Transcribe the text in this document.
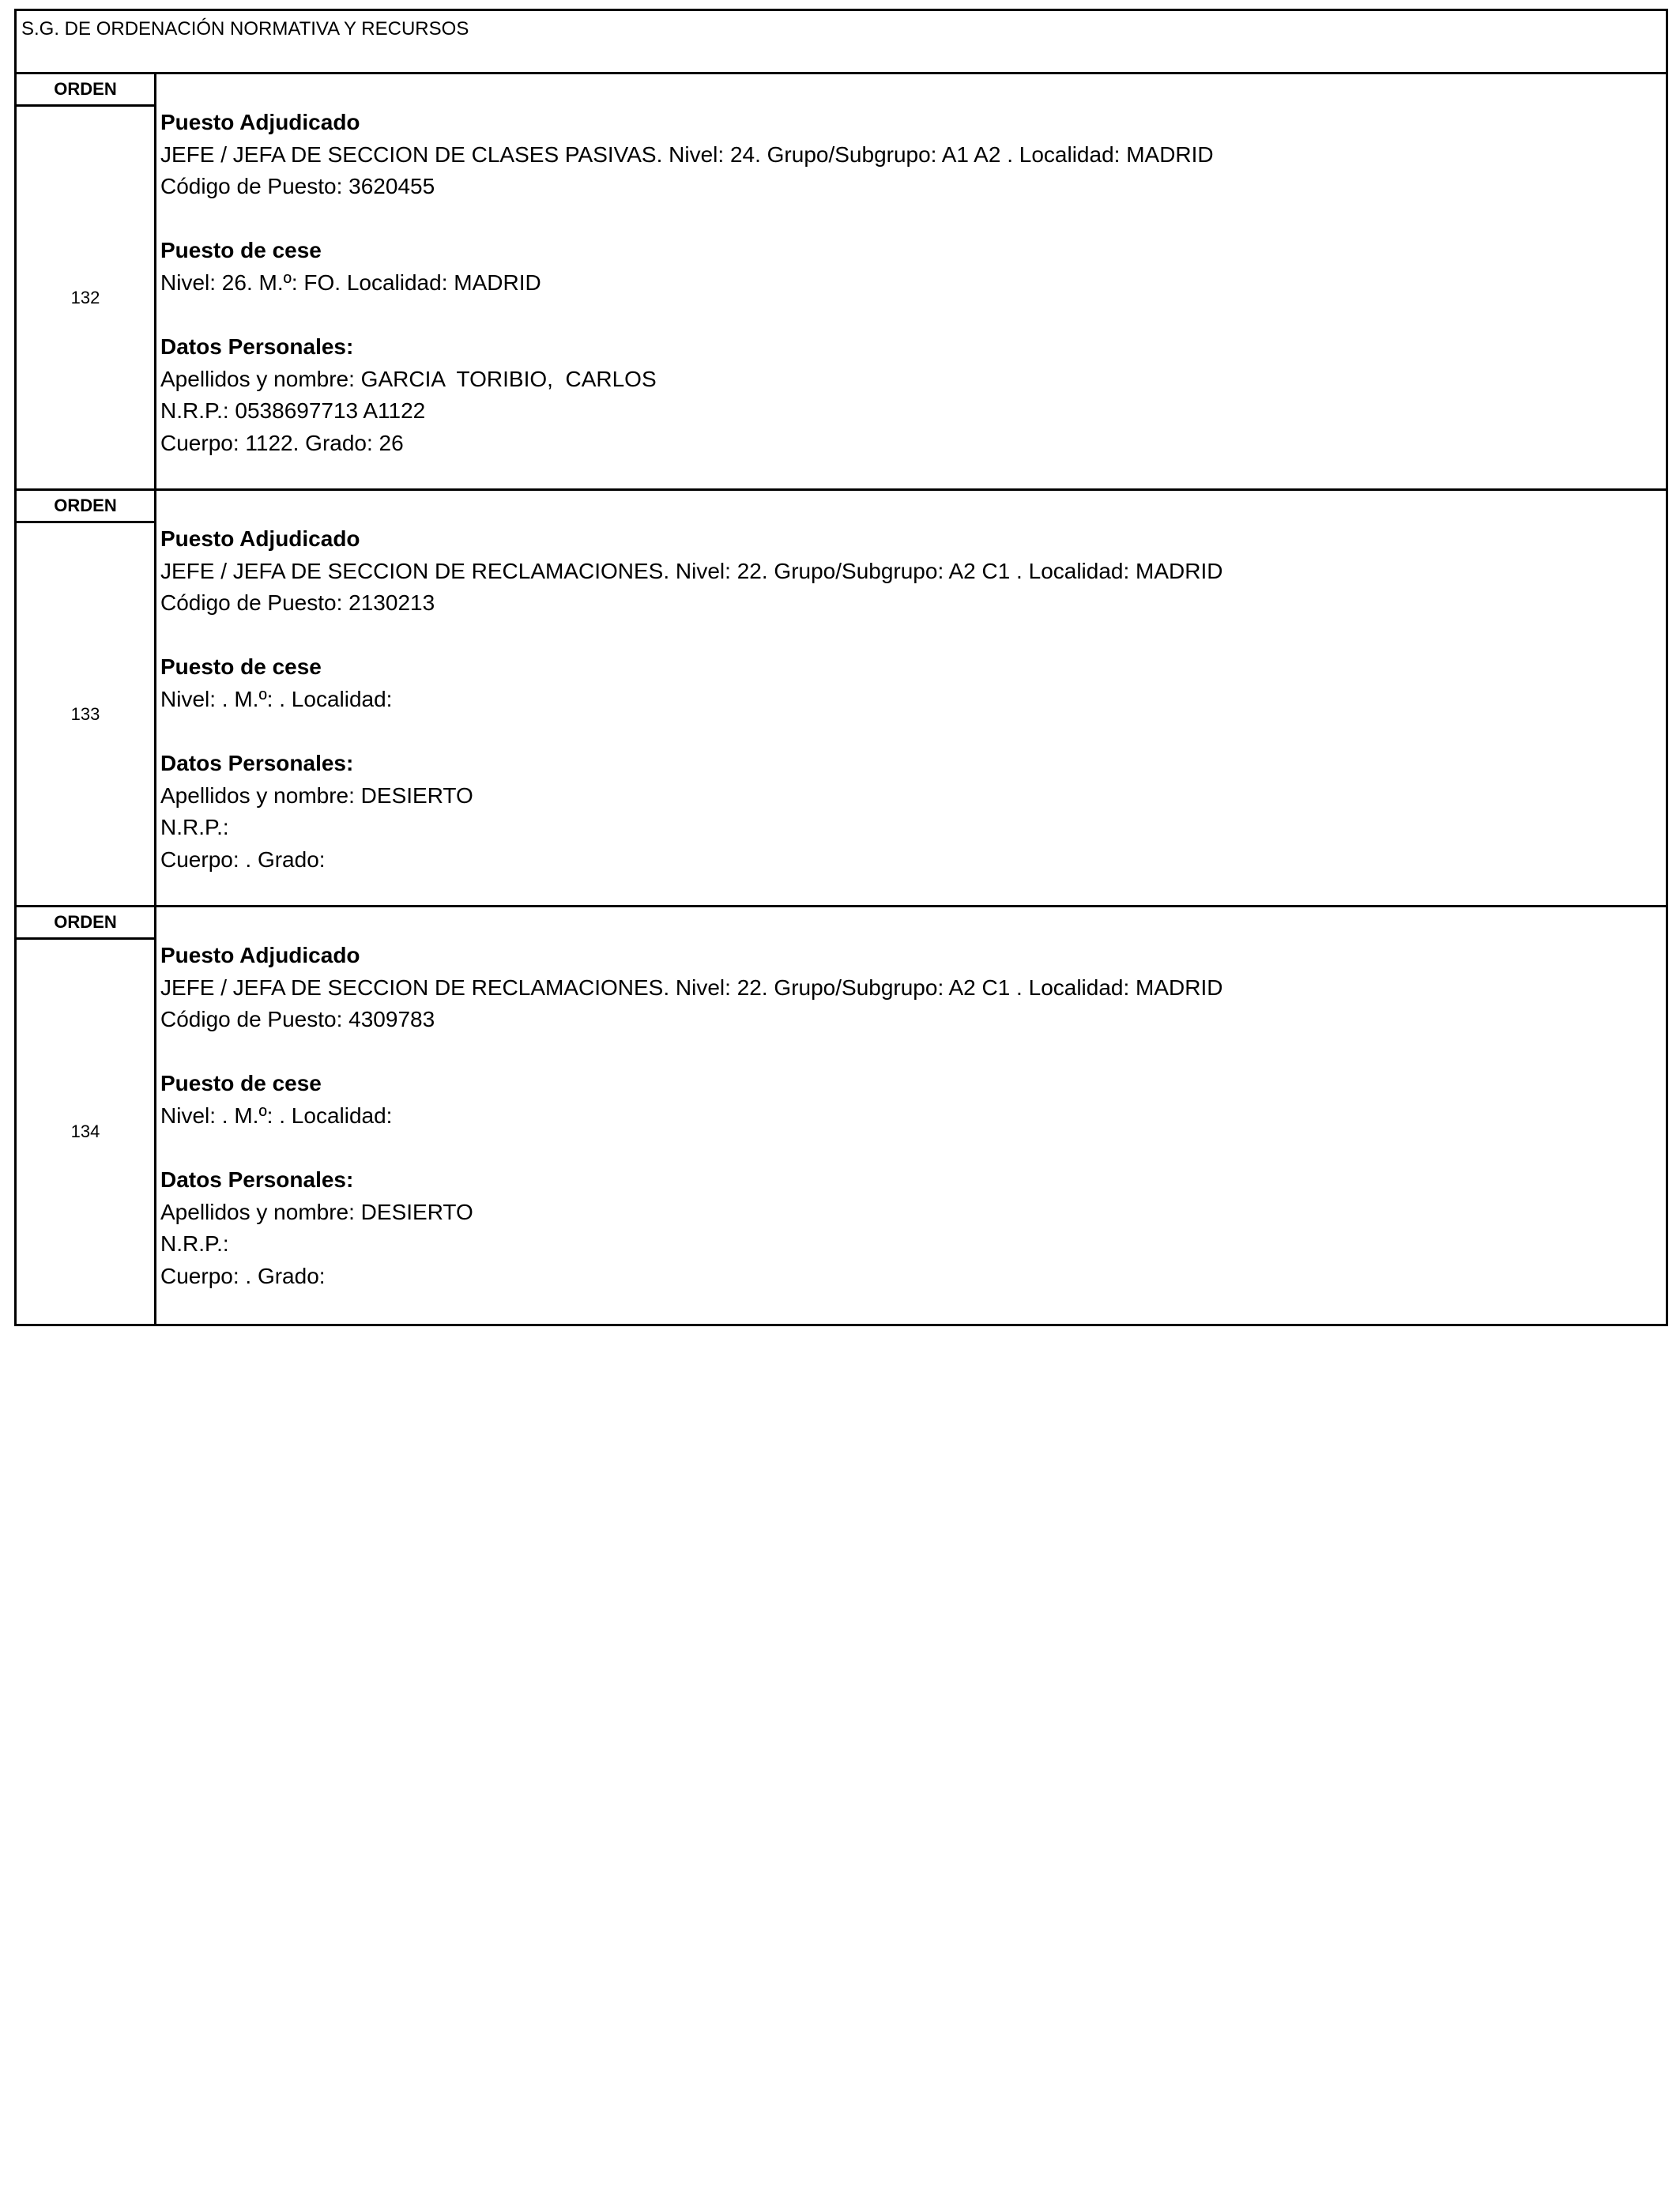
S.G. DE ORDENACIÓN NORMATIVA Y RECURSOS
ORDEN
132
Puesto Adjudicado
JEFE / JEFA DE SECCION DE CLASES PASIVAS. Nivel: 24. Grupo/Subgrupo: A1 A2 . Localidad: MADRID
Código de Puesto: 3620455
Puesto de cese
Nivel: 26. M.º: FO. Localidad: MADRID
Datos Personales:
Apellidos y nombre: GARCIA  TORIBIO,  CARLOS
N.R.P.: 0538697713 A1122
Cuerpo: 1122. Grado: 26
ORDEN
133
Puesto Adjudicado
JEFE / JEFA DE SECCION DE RECLAMACIONES. Nivel: 22. Grupo/Subgrupo: A2 C1 . Localidad: MADRID
Código de Puesto: 2130213
Puesto de cese
Nivel: . M.º: . Localidad:
Datos Personales:
Apellidos y nombre: DESIERTO
N.R.P.:
Cuerpo: . Grado:
ORDEN
134
Puesto Adjudicado
JEFE / JEFA DE SECCION DE RECLAMACIONES. Nivel: 22. Grupo/Subgrupo: A2 C1 . Localidad: MADRID
Código de Puesto: 4309783
Puesto de cese
Nivel: . M.º: . Localidad:
Datos Personales:
Apellidos y nombre: DESIERTO
N.R.P.:
Cuerpo: . Grado:
